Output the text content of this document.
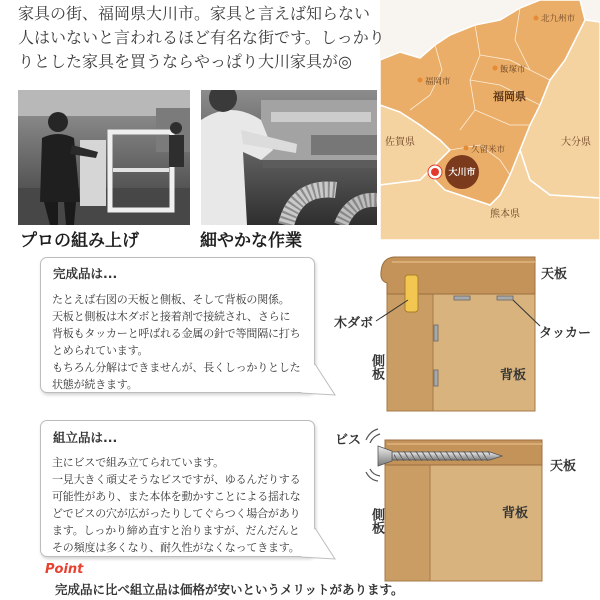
家具の街、福岡県大川市。家具と言えば知らない
人はいないと言われるほど有名な街です。しっかり
りとした家具を買うならやっぱり大川家具が◎
プロの組み上げ	細やかな作業
北九州市
福岡市
飯塚市
福岡県
佐賀県	大分県
久留米市
熊本県
大川市
完成品は...
たとえば右図の天板と側板、そして背板の関係。
天板と側板は木ダボと接着剤で接続され、さらに
背板もタッカーと呼ばれる金属の針で等間隔に打ち
とめられています。
もちろん分解はできませんが、長くしっかりとした
状態が続きます。
天板
木ダボ
タッカー
側板	背板
組立品は...
主にビスで組み立てられています。
一見大きく頑丈そうなビスですが、ゆるんだりする
可能性があり、また本体を動かすことによる揺れな
どでビスの穴が広がったりしてぐらつく場合があり
ます。しっかり締め直すと治りますが、だんだんと
その頻度は多くなり、耐久性がなくなってきます。
ビス
天板
側板	背板
Point
完成品に比べ組立品は価格が安いというメリットがあります。
